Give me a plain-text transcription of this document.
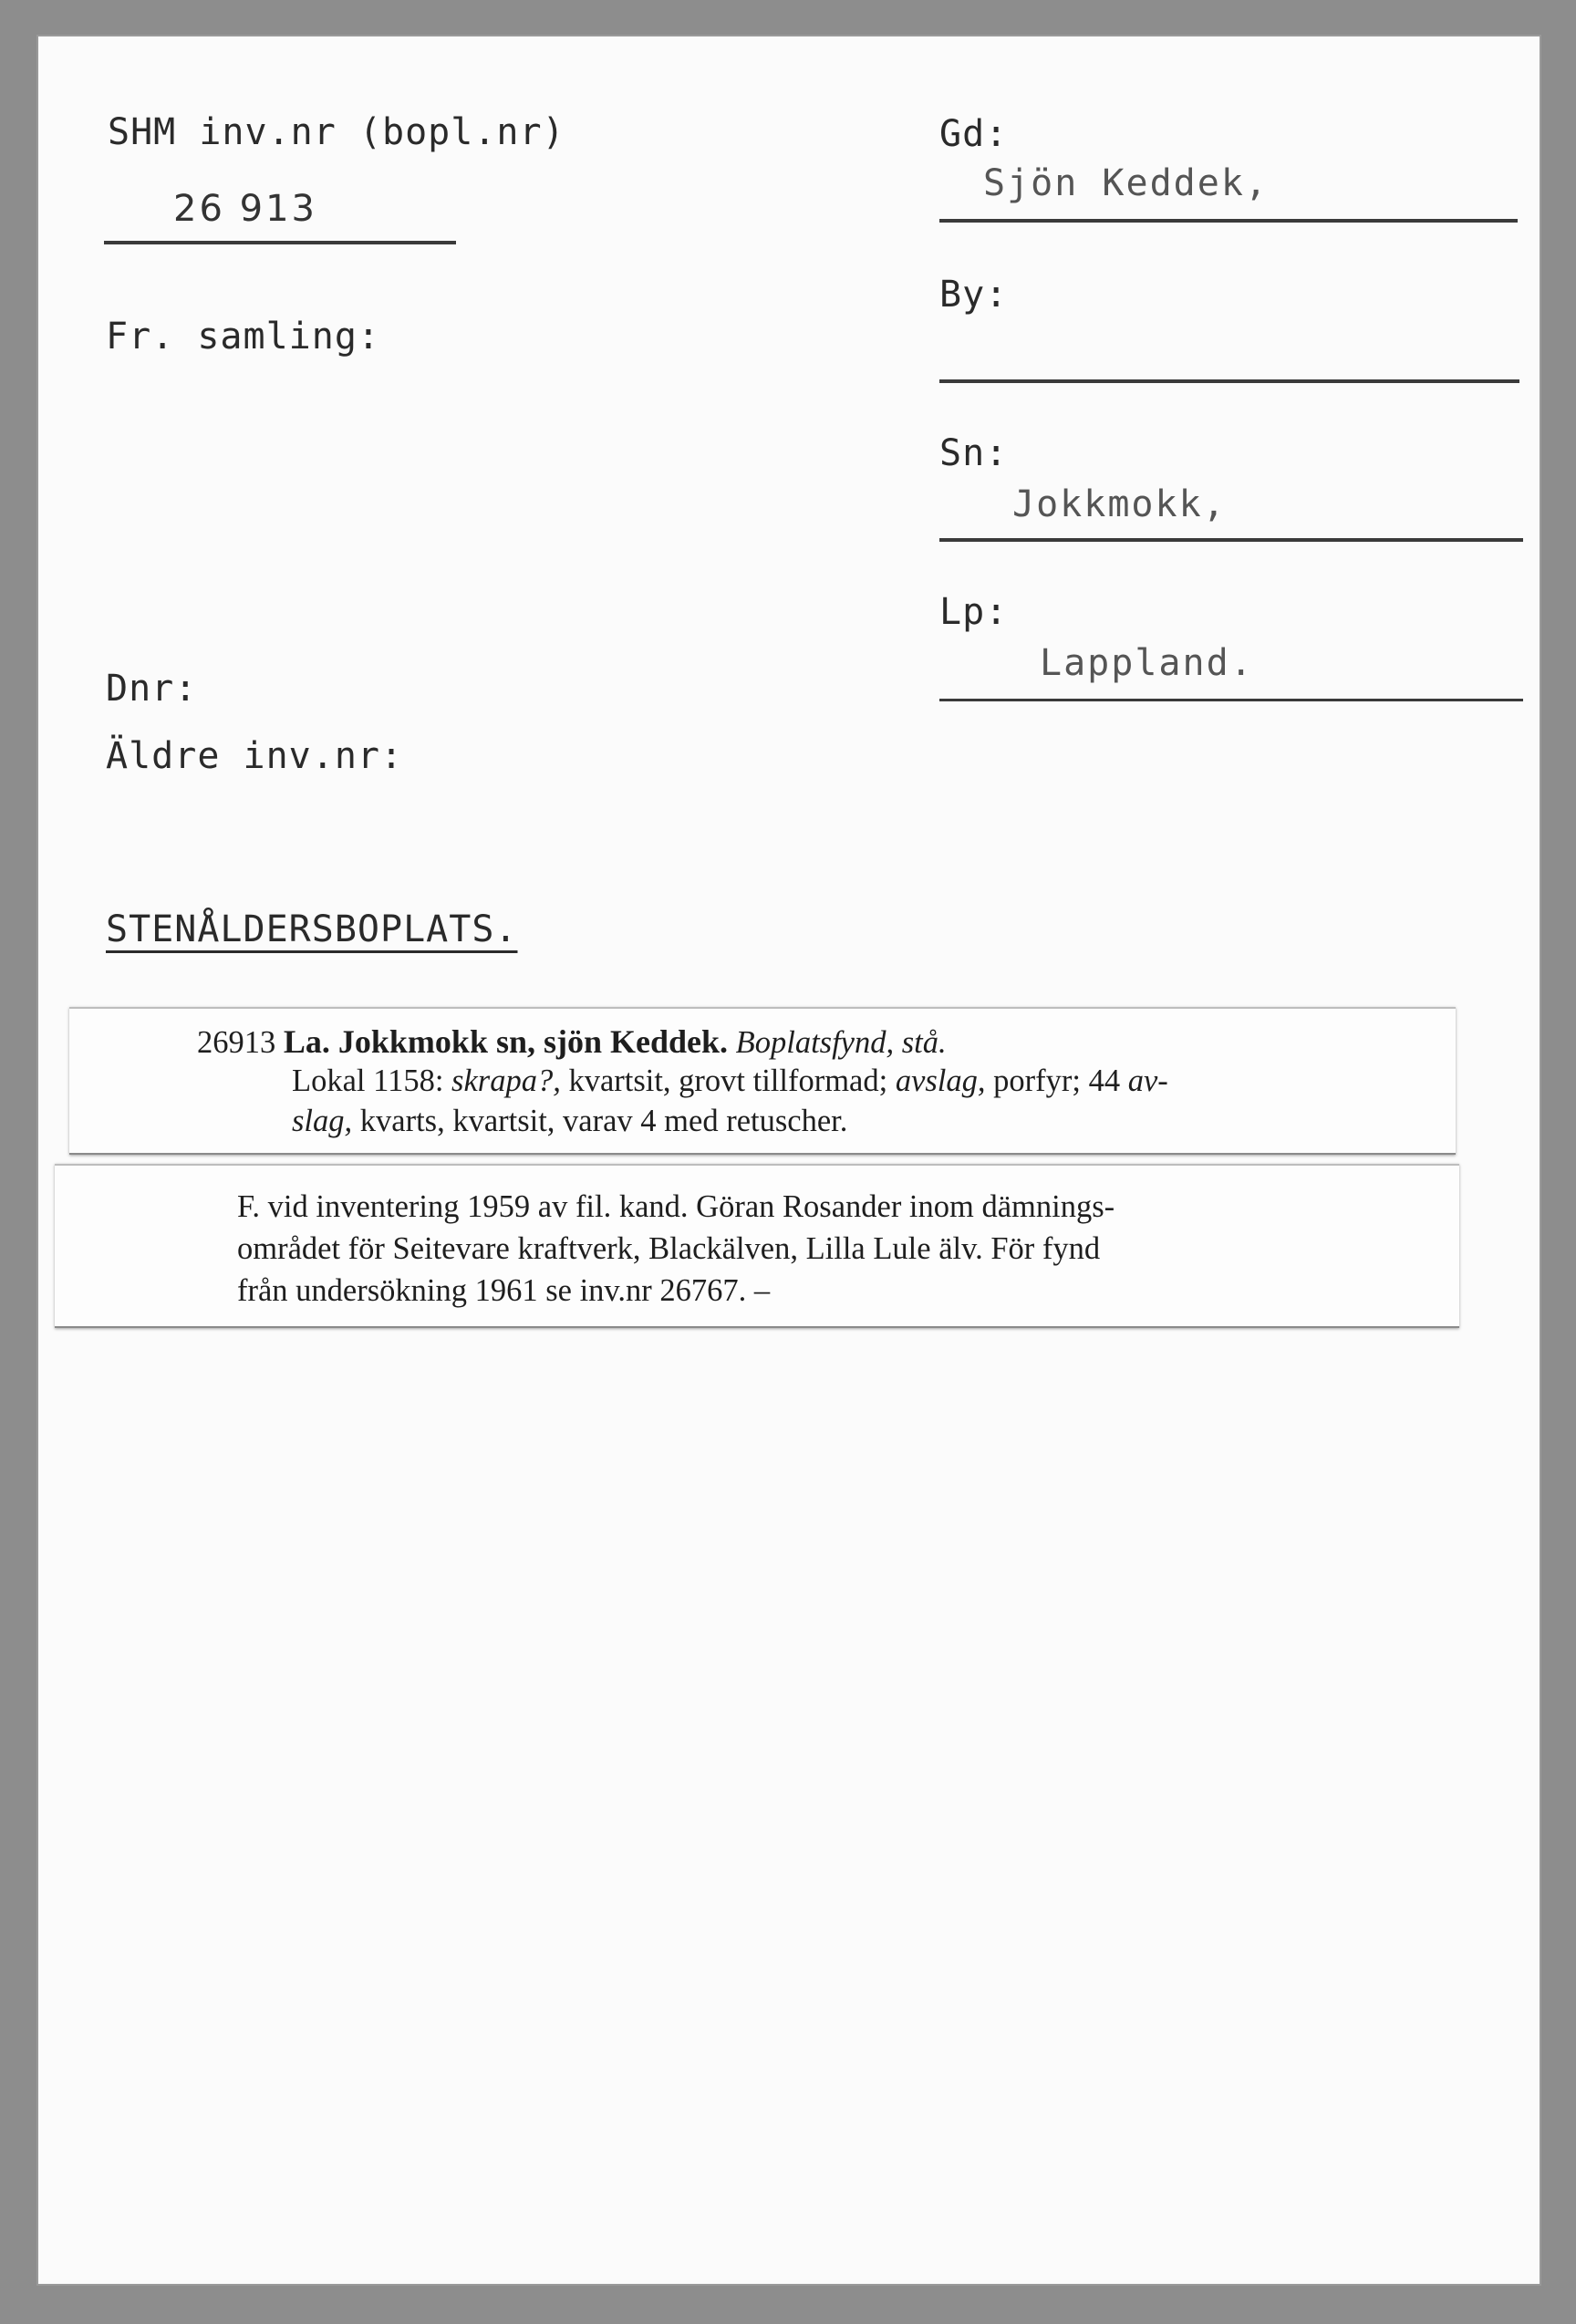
SHM inv.nr (bopl.nr)
26 913
Fr. samling:
Dnr:
Äldre inv.nr:
STENÅLDERSBOPLATS.
Gd:
Sjön Keddek,
By:
Sn:
Jokkmokk,
Lp:
Lappland.

26913 La. Jokkmokk sn, sjön Keddek. Boplatsfynd, stå.

Lokal 1158: skrapa?, kvartsit, grovt tillformad; avslag, porfyr; 44 av-

slag, kvarts, kvartsit, varav 4 med retuscher.

F. vid inventering 1959 av fil. kand. Göran Rosander inom dämnings-

området för Seitevare kraftverk, Blackälven, Lilla Lule älv. För fynd

från undersökning 1961 se inv.nr 26767. –
